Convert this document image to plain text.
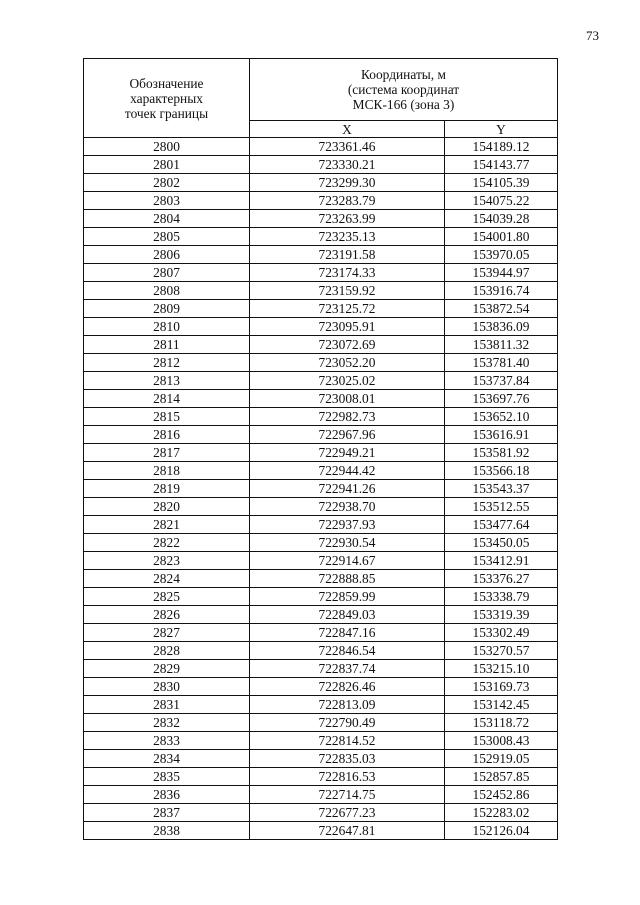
73
Обозначение
характерных
точек границы	Координаты, м
(система координат
МСК-166 (зона 3)	

	X	Y
2800	723361.46	154189.12
2801	723330.21	154143.77
2802	723299.30	154105.39
2803	723283.79	154075.22
2804	723263.99	154039.28
2805	723235.13	154001.80
2806	723191.58	153970.05
2807	723174.33	153944.97
2808	723159.92	153916.74
2809	723125.72	153872.54
2810	723095.91	153836.09
2811	723072.69	153811.32
2812	723052.20	153781.40
2813	723025.02	153737.84
2814	723008.01	153697.76
2815	722982.73	153652.10
2816	722967.96	153616.91
2817	722949.21	153581.92
2818	722944.42	153566.18
2819	722941.26	153543.37
2820	722938.70	153512.55
2821	722937.93	153477.64
2822	722930.54	153450.05
2823	722914.67	153412.91
2824	722888.85	153376.27
2825	722859.99	153338.79
2826	722849.03	153319.39
2827	722847.16	153302.49
2828	722846.54	153270.57
2829	722837.74	153215.10
2830	722826.46	153169.73
2831	722813.09	153142.45
2832	722790.49	153118.72
2833	722814.52	153008.43
2834	722835.03	152919.05
2835	722816.53	152857.85
2836	722714.75	152452.86
2837	722677.23	152283.02
2838	722647.81	152126.04
